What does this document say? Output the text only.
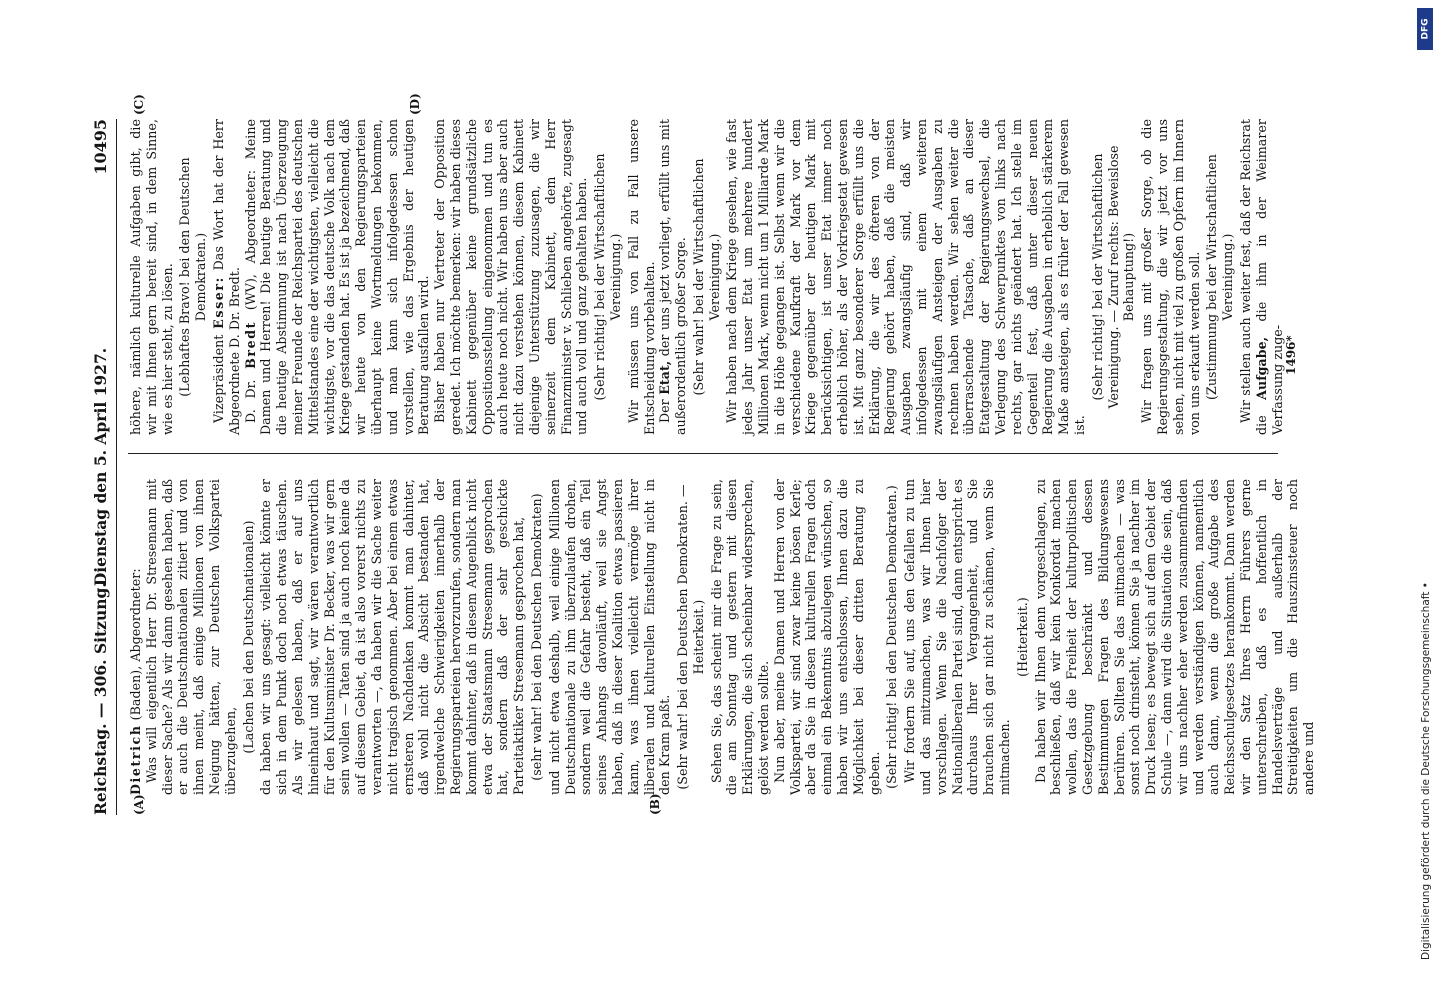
Reichstag. — 306. Sitzung.
Dienstag den 5. April 1927.
10495
(A)	(B)
(C)	(D)

Dietrich (Baden), Abgeordneter: Was will eigentlich Herr Dr. Stresemann mit dieser Sache? Als wir dann gesehen haben, daß er auch die Deutschnationalen zitiert und von ihnen meint, daß einige Millionen von ihnen Neigung hätten, zur Deutschen Volkspartei überzugehen, (Lachen bei den Deutschnationalen) da haben wir uns gesagt: vielleicht könnte er sich in dem Punkt doch noch etwas täuschen. Als wir gelesen haben, daß er auf uns hineinhaut und sagt, wir wären verantwortlich für den Kultusminister Dr. Becker, was wir gern sein wollen — Taten sind ja auch noch keine da auf diesem Gebiet, da ist also vorerst nichts zu verantworten —, da haben wir die Sache weiter nicht tragisch genommen. Aber bei einem etwas ernsteren Nachdenken kommt man dahinter, daß wohl nicht die Absicht bestanden hat, irgendwelche Schwierigkeiten innerhalb der Regierungsparteien hervorzurufen, sondern man kommt dahinter, daß in diesem Augenblick nicht etwa der Staatsmann Stresemann gesprochen hat, sondern daß der sehr geschickte Parteitaktiker Stresemann gesprochen hat, (sehr wahr! bei den Deutschen Demokraten) und nicht etwa deshalb, weil einige Millionen Deutschnationale zu ihm überzulaufen drohen, sondern weil die Gefahr besteht, daß ein Teil seines Anhangs davonläuft, weil sie Angst haben, daß in dieser Koalition etwas passieren kann, was ihnen vielleicht vermöge ihrer liberalen und kulturellen Einstellung nicht in den Kram paßt. (Sehr wahr! bei den Deutschen Demokraten. — Heiterkeit.) Sehen Sie, das scheint mir die Frage zu sein, die am Sonntag und gestern mit diesen Erklärungen, die sich scheinbar widersprechen, gelöst werden sollte. Nun aber, meine Damen und Herren von der Volkspartei, wir sind zwar keine bösen Kerle; aber da Sie in diesen kulturellen Fragen doch einmal ein Bekenntnis abzulegen wünschen, so haben wir uns entschlossen, Ihnen dazu die Möglichkeit bei dieser dritten Beratung zu geben. (Sehr richtig! bei den Deutschen Demokraten.) Wir fordern Sie auf, uns den Gefallen zu tun und das mitzumachen, was wir Ihnen hier vorschlagen. Wenn Sie die Nachfolger der Nationalliberalen Partei sind, dann entspricht es durchaus Ihrer Vergangenheit, und Sie brauchen sich gar nicht zu schämen, wenn Sie mitmachen.

(Heiterkeit.) Da haben wir Ihnen denn vorgeschlagen, zu beschließen, daß wir kein Konkordat machen wollen, das die Freiheit der kulturpolitischen Gesetzgebung beschränkt und dessen Bestimmungen Fragen des Bildungswesens berühren. Sollten Sie das mitmachen — was sonst noch drinsteht, können Sie ja nachher im Druck lesen; es bewegt sich auf dem Gebiet der Schule —, dann wird die Situation die sein, daß wir uns nachher eher werden zusammenfinden und werden verständigen können, namentlich auch dann, wenn die große Aufgabe des Reichsschulgesetzes herankommt. Dann werden wir den Satz Ihres Herrn Führers gerne unterschreiben, daß es hoffentlich in Handelsverträge und außerhalb der Streitigkeiten um die Hauszinssteuer noch andere und

höhere, nämlich kulturelle Aufgaben gibt, die wir mit Ihnen gern bereit sind, in dem Sinne, wie es hier steht, zu lösen. (Lebhaftes Bravo! bei den Deutschen Demokraten.)

Vizepräsident Esser: Das Wort hat der Herr Abgeordnete D. Dr. Bredt. D. Dr. Bredt (WV), Abgeordneter: Meine Damen und Herren! Die heutige Beratung und die heutige Abstimmung ist nach Überzeugung meiner Freunde der Reichspartei des deutschen Mittelstandes eine der wichtigsten, vielleicht die wichtigste, vor die das deutsche Volk nach dem Kriege gestanden hat. Es ist ja bezeichnend, daß wir heute von den Regierungsparteien überhaupt keine Wortmeldungen bekommen, und man kann sich infolgedessen schon vorstellen, wie das Ergebnis der heutigen Beratung ausfallen wird. Bisher haben nur Vertreter der Opposition geredet. Ich möchte bemerken: wir haben dieses Kabinett gegenüber keine grundsätzliche Oppositionsstellung eingenommen und tun es auch heute noch nicht. Wir haben uns aber auch nicht dazu verstehen können, diesem Kabinett diejenige Unterstützung zuzusagen, die wir seinerzeit dem Kabinett, dem Herr Finanzminister v. Schlieben angehörte, zugesagt und auch voll und ganz gehalten haben. (Sehr richtig! bei der Wirtschaftlichen Vereinigung.) Wir müssen uns von Fall zu Fall unsere Entscheidung vorbehalten. Der Etat, der uns jetzt vorliegt, erfüllt uns mit außerordentlich großer Sorge. (Sehr wahr! bei der Wirtschaftlichen Vereinigung.) Wir haben nach dem Kriege gesehen, wie fast jedes Jahr unser Etat um mehrere hundert Millionen Mark, wenn nicht um 1 Milliarde Mark in die Höhe gegangen ist. Selbst wenn wir die verschiedene Kaufkraft der Mark vor dem Kriege gegenüber der heutigen Mark mit berücksichtigen, ist unser Etat immer noch erheblich höher, als der Vorkriegsetat gewesen ist. Mit ganz besonderer Sorge erfüllt uns die Erklärung, die wir des öfteren von der Regierung gehört haben, daß die meisten Ausgaben zwangsläufig sind, daß wir infolgedessen mit einem weiteren zwangsläufigen Ansteigen der Ausgaben zu rechnen haben werden. Wir sehen weiter die überraschende Tatsache, daß an dieser Etatgestaltung der Regierungswechsel, die Verlegung des Schwerpunktes von links nach rechts, gar nichts geändert hat. Ich stelle im Gegenteil fest, daß unter dieser neuen Regierung die Ausgaben in erheblich stärkerem Maße ansteigen, als es früher der Fall gewesen ist.

(Sehr richtig! bei der Wirtschaftlichen Vereinigung. — Zuruf rechts: Beweislose Behauptung!) Wir fragen uns mit großer Sorge, ob die Regierungsgestaltung, die wir jetzt vor uns sehen, nicht mit viel zu großen Opfern im Innern von uns erkauft werden soll. (Zustimmung bei der Wirtschaftlichen Vereinigung.) Wir stellen auch weiter fest, daß der Reichsrat die Aufgabe, die ihm in der Weimarer Verfassung zuge- 1496*
DFG
Digitalisierung gefördert durch die Deutsche Forschungsgemeinschaft •
